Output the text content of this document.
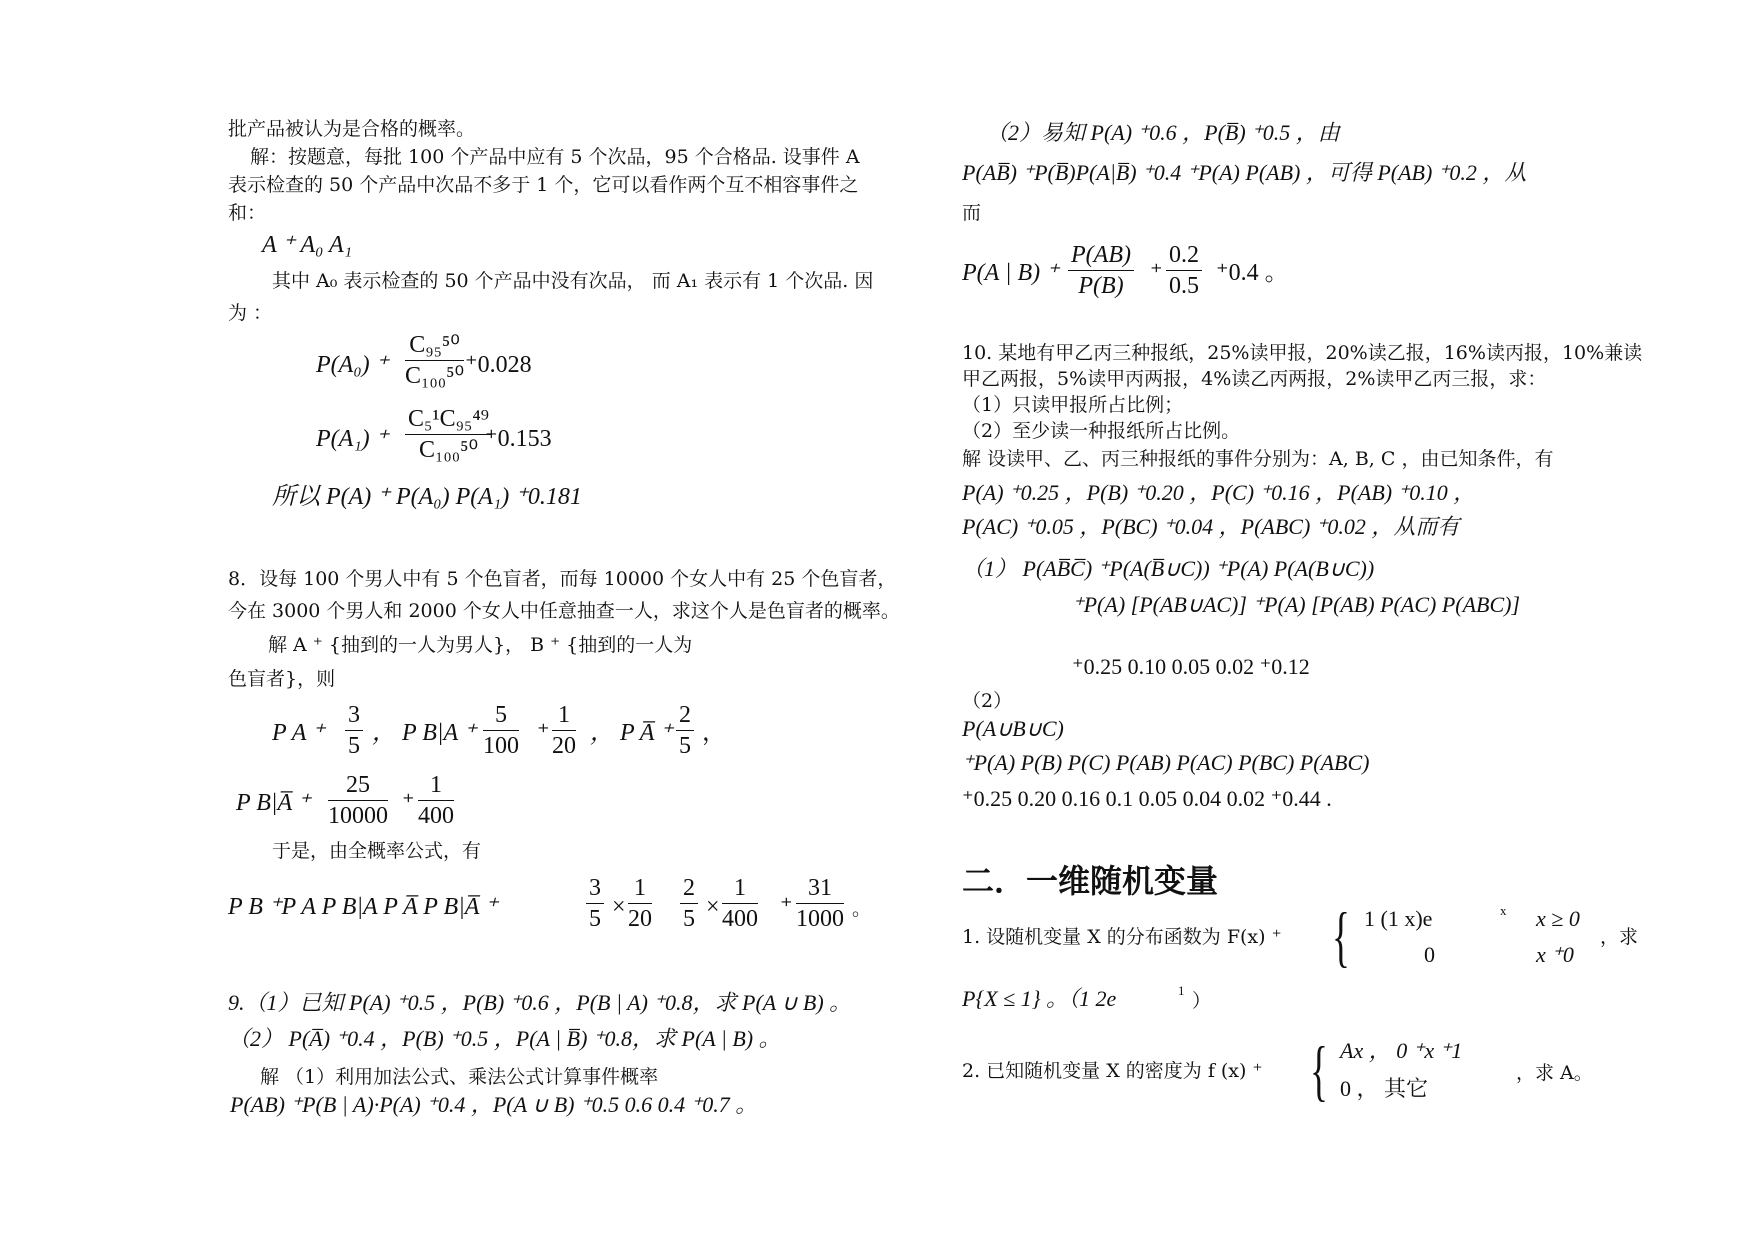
批产品被认为是合格的概率。
解：按题意，每批 100 个产品中应有 5 个次品，95 个合格品. 设事件 A
表示检查的 50 个产品中次品不多于 1 个，它可以看作两个互不相容事件之
和：
A ⁺ A₀ A₁
其中 A₀ 表示检查的 50 个产品中没有次品， 而 A₁ 表示有 1 个次品. 因
为 ：
P(A₀) ⁺ $\frac{\text{C₉₅⁵⁰}}{\text{C₁₀₀⁵⁰}} ^+0.028$
P(A₁) ⁺ $\frac{\text{C₅¹C₉₅⁴⁹}}{\text{C₁₀₀⁵⁰}}$
⁺0.153
所以 P(A) ⁺ P(A₀) P(A₁) ⁺0.181
8．设每 100 个男人中有 5 个色盲者，而每 10000 个女人中有 25 个色盲者，
今在 3000 个男人和 2000 个女人中任意抽查一人，求这个人是色盲者的概率。
解 A ⁺ {抽到的一人为男人}， B ⁺ {抽到的一人为
色盲者}，则
P A ⁺ $\frac{3}{5}$ ， P B|A ⁺ $\frac{5}{100}$ ⁺ $\frac{1}{20}$ ， P A̅ ⁺ $\frac{2}{5}$ ，
P B|A̅ ⁺ $\frac{25}{10000}$ ⁺ $\frac{1}{400}$
于是，由全概率公式，有
P B ⁺P A P B|A P A̅ P B|A̅ ⁺	$\frac{3}{5} \times \frac{1}{20} \frac{2}{5} \times \frac{1}{400}$ ⁺ $\frac{31}{1000}$ 。
9.（1）已知 P(A) ⁺0.5 ，P(B) ⁺0.6 ，P(B | A) ⁺0.8，求 P(A ∪ B) 。
（2） P(A̅) ⁺0.4 ，P(B) ⁺0.5 ，P(A | B̅) ⁺0.8，求 P(A | B) 。
解 （1）利用加法公式、乘法公式计算事件概率
P(AB) ⁺P(B | A)·P(A) ⁺0.4 ，P(A ∪ B) ⁺0.5 0.6 0.4 ⁺0.7 。
（2）易知 P(A) ⁺0.6 ，P(B̅) ⁺0.5 ，由
P(AB̅) ⁺P(B̅)P(A|B̅) ⁺0.4 ⁺P(A) P(AB) ，可得 P(AB) ⁺0.2 ，从
而
P(A | B) ⁺ $\frac{P(AB)}{P(B)}$ ⁺ $\frac{0.2}{0.5} ^+0.4$ 。
10. 某地有甲乙丙三种报纸，25%读甲报，20%读乙报，16%读丙报，10%兼读
甲乙两报，5%读甲丙两报，4%读乙丙两报，2%读甲乙丙三报，求：
（1）只读甲报所占比例；
（2）至少读一种报纸所占比例。
解 设读甲、乙、丙三种报纸的事件分别为：A, B, C ，由已知条件，有
P(A) ⁺0.25 ，P(B) ⁺0.20 ，P(C) ⁺0.16 ，P(AB) ⁺0.10 ，
P(AC) ⁺0.05 ，P(BC) ⁺0.04 ，P(ABC) ⁺0.02 ，从而有
（1） P(AB̅C̅) ⁺P(A(B̅∪C)) ⁺P(A) P(A(B∪C))
⁺P(A) [P(AB∪AC)] ⁺P(A) [P(AB) P(AC) P(ABC)]
⁺0.25 0.10 0.05 0.02 ⁺0.12
（2）
P(A∪B∪C)
⁺P(A) P(B) P(C) P(AB) P(AC) P(BC) P(ABC)
⁺0.25 0.20 0.16 0.1 0.05 0.04 0.02 ⁺0.44 .
二．一维随机变量
1. 设随机变量 X 的分布函数为 F(x) ⁺ { 1 (1 x)e	x x ≥ 0
0	x ⁺0
，求
P{X ≤ 1} 。（1 2e	1 ）
2. 已知随机变量 X 的密度为 f (x) ⁺ { Ax ， 0 ⁺x ⁺1
0 ， 其它
，求 A。
